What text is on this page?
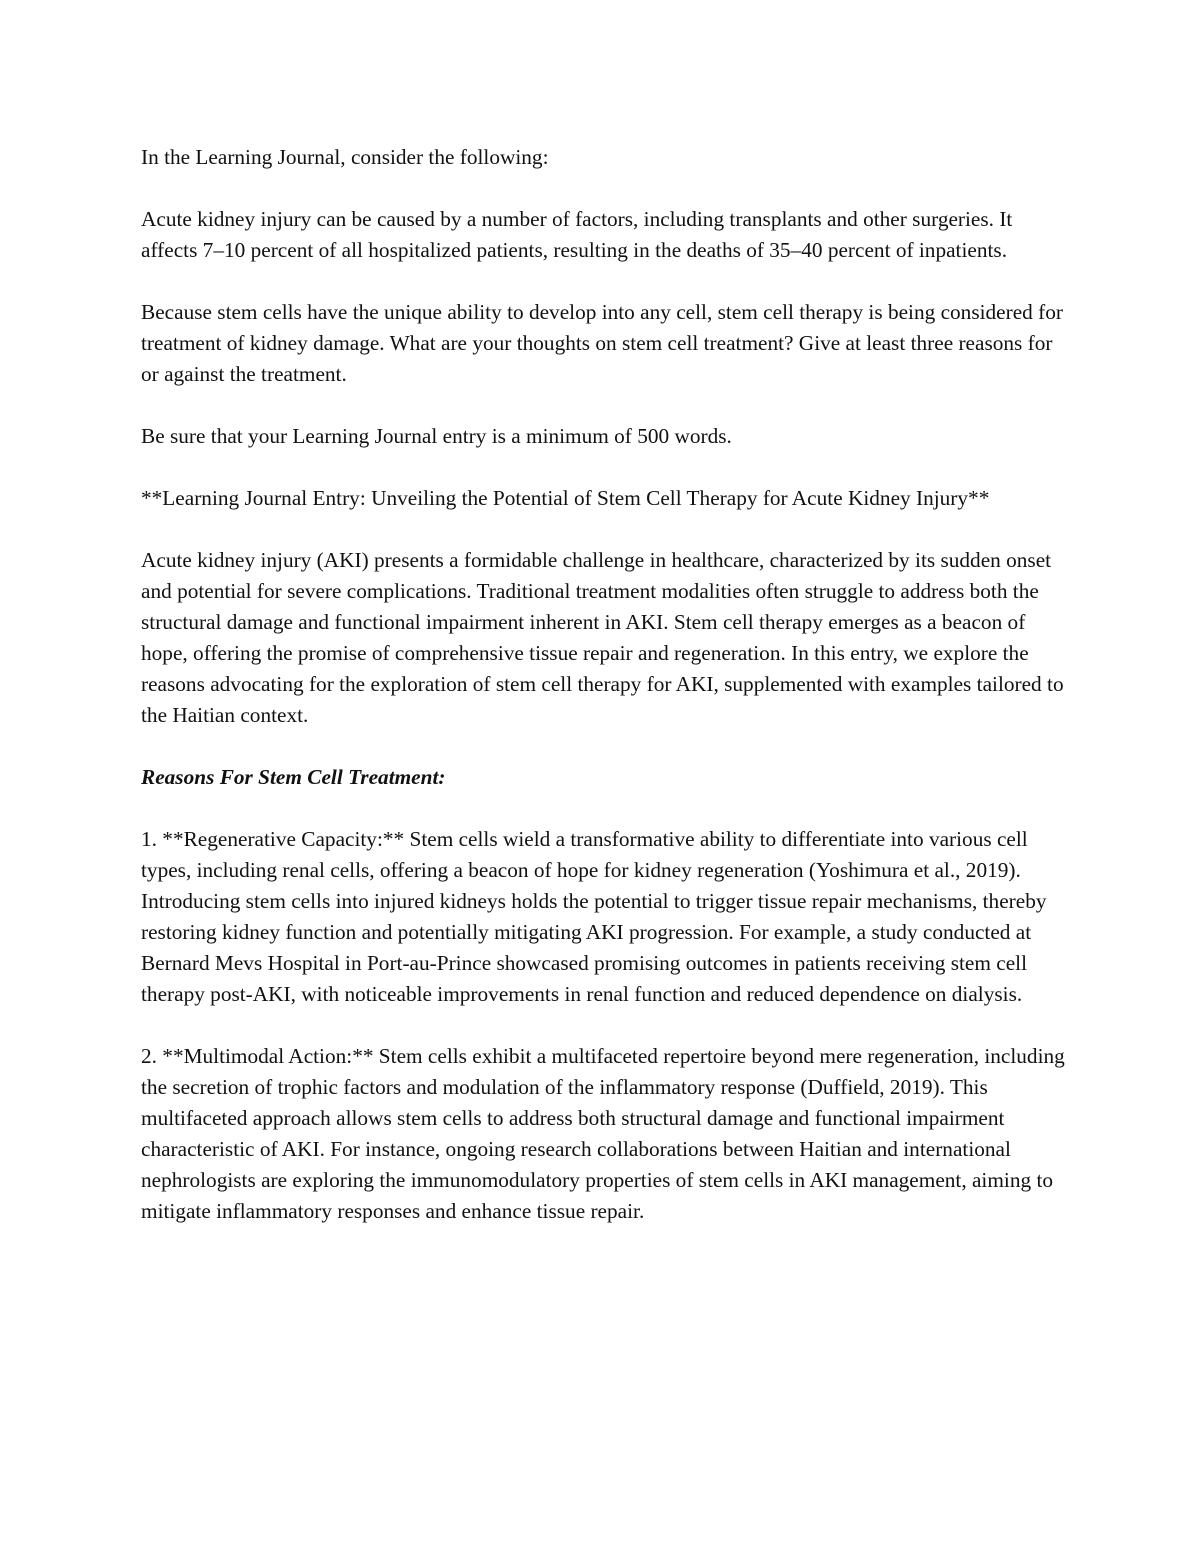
In the Learning Journal, consider the following:

Acute kidney injury can be caused by a number of factors, including transplants and other surgeries. It affects 7–10 percent of all hospitalized patients, resulting in the deaths of 35–40 percent of inpatients.

Because stem cells have the unique ability to develop into any cell, stem cell therapy is being considered for treatment of kidney damage. What are your thoughts on stem cell treatment? Give at least three reasons for or against the treatment.

Be sure that your Learning Journal entry is a minimum of 500 words.

**Learning Journal Entry: Unveiling the Potential of Stem Cell Therapy for Acute Kidney Injury**

Acute kidney injury (AKI) presents a formidable challenge in healthcare, characterized by its sudden onset and potential for severe complications. Traditional treatment modalities often struggle to address both the structural damage and functional impairment inherent in AKI. Stem cell therapy emerges as a beacon of hope, offering the promise of comprehensive tissue repair and regeneration. In this entry, we explore the reasons advocating for the exploration of stem cell therapy for AKI, supplemented with examples tailored to the Haitian context.

Reasons For Stem Cell Treatment:

1. **Regenerative Capacity:** Stem cells wield a transformative ability to differentiate into various cell types, including renal cells, offering a beacon of hope for kidney regeneration (Yoshimura et al., 2019). Introducing stem cells into injured kidneys holds the potential to trigger tissue repair mechanisms, thereby restoring kidney function and potentially mitigating AKI progression. For example, a study conducted at Bernard Mevs Hospital in Port-au-Prince showcased promising outcomes in patients receiving stem cell therapy post-AKI, with noticeable improvements in renal function and reduced dependence on dialysis.

2. **Multimodal Action:** Stem cells exhibit a multifaceted repertoire beyond mere regeneration, including the secretion of trophic factors and modulation of the inflammatory response (Duffield, 2019). This multifaceted approach allows stem cells to address both structural damage and functional impairment characteristic of AKI. For instance, ongoing research collaborations between Haitian and international nephrologists are exploring the immunomodulatory properties of stem cells in AKI management, aiming to mitigate inflammatory responses and enhance tissue repair.
